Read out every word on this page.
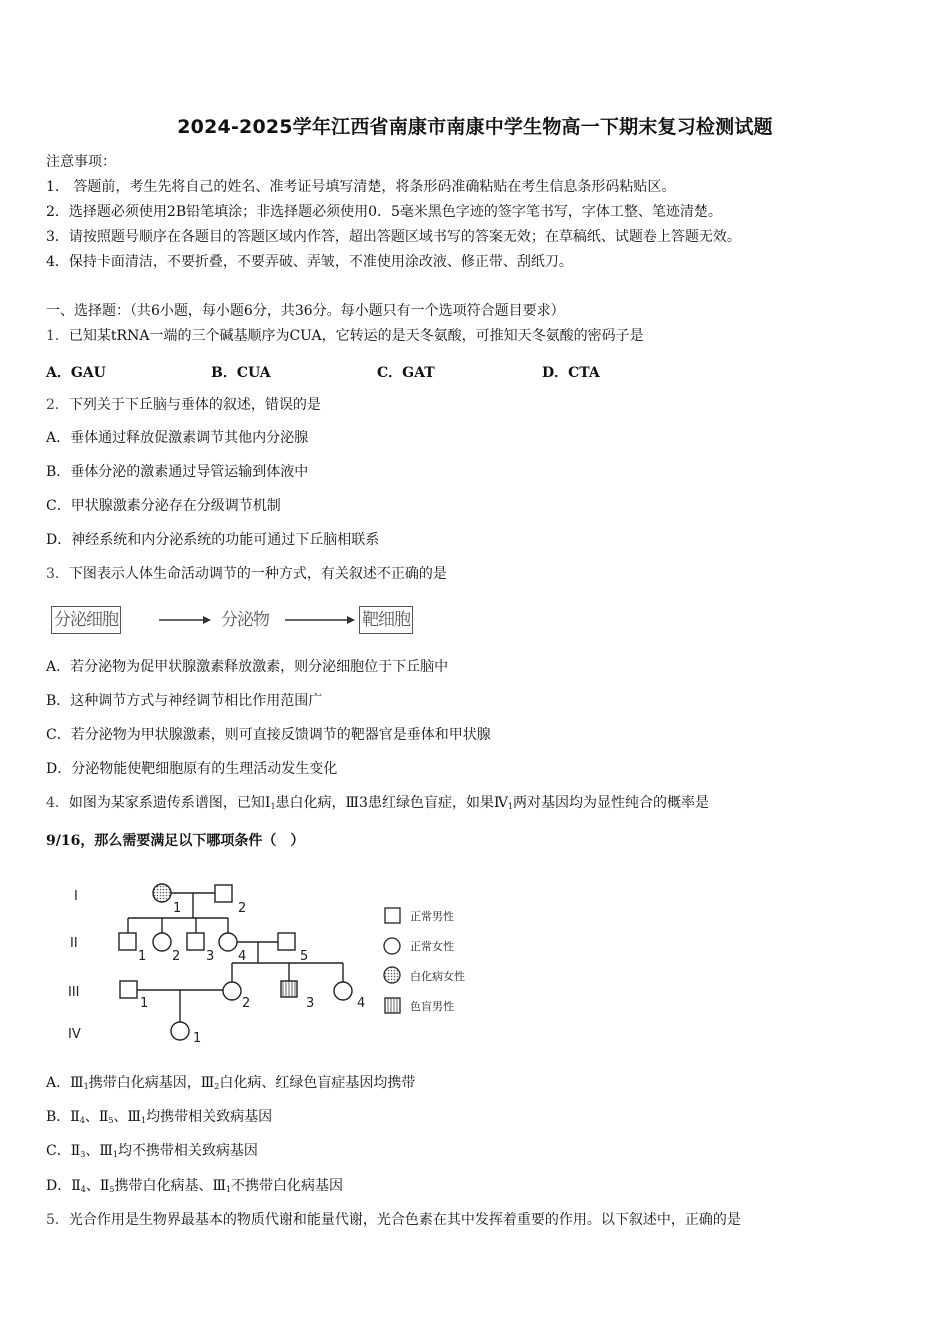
2024-2025学年江西省南康市南康中学生物高一下期末复习检测试题
注意事项：
1.　答题前，考生先将自己的姓名、准考证号填写清楚，将条形码准确粘贴在考生信息条形码粘贴区。
2．选择题必须使用2B铅笔填涂；非选择题必须使用0．5毫米黑色字迹的签字笔书写，字体工整、笔迹清楚。
3．请按照题号顺序在各题目的答题区域内作答，超出答题区域书写的答案无效；在草稿纸、试题卷上答题无效。
4．保持卡面清洁，不要折叠，不要弄破、弄皱，不准使用涂改液、修正带、刮纸刀。
一、选择题：（共6小题，每小题6分，共36分。每小题只有一个选项符合题目要求）
1．已知某tRNA一端的三个碱基顺序为CUA，它转运的是天冬氨酸，可推知天冬氨酸的密码子是
A．GAU	B．CUA	C．GAT	D．CTA
2．下列关于下丘脑与垂体的叙述，错误的是
A．垂体通过释放促激素调节其他内分泌腺
B．垂体分泌的激素通过导管运输到体液中
C．甲状腺激素分泌存在分级调节机制
D．神经系统和内分泌系统的功能可通过下丘脑相联系
3．下图表示人体生命活动调节的一种方式，有关叙述不正确的是
分泌细胞	分泌物	靶细胞
A．若分泌物为促甲状腺激素释放激素，则分泌细胞位于下丘脑中
B．这种调节方式与神经调节相比作用范围广
C．若分泌物为甲状腺激素，则可直接反馈调节的靶器官是垂体和甲状腺
D．分泌物能使靶细胞原有的生理活动发生变化
4．如图为某家系遗传系谱图，已知$Ⅰ_1$患白化病，Ⅲ3患红绿色盲症，如果$Ⅳ_1$两对基因均为显性纯合的概率是
9/16，那么需要满足以下哪项条件（　）
I
II
III
IV
1	2
1 2 3 4	5
1	2	3	4
1
正常男性
正常女性
白化病女性
色盲男性
A．$Ⅲ_1$携带白化病基因，$Ⅲ_2$白化病、红绿色盲症基因均携带
B．$Ⅱ_4$、$Ⅱ_5$、$Ⅲ_1$均携带相关致病基因
C．$Ⅱ_3$、$Ⅲ_1$均不携带相关致病基因
D．$Ⅱ_4$、$Ⅱ_5$携带白化病基、$Ⅲ_1$不携带白化病基因
5．光合作用是生物界最基本的物质代谢和能量代谢，光合色素在其中发挥着重要的作用。以下叙述中，正确的是
